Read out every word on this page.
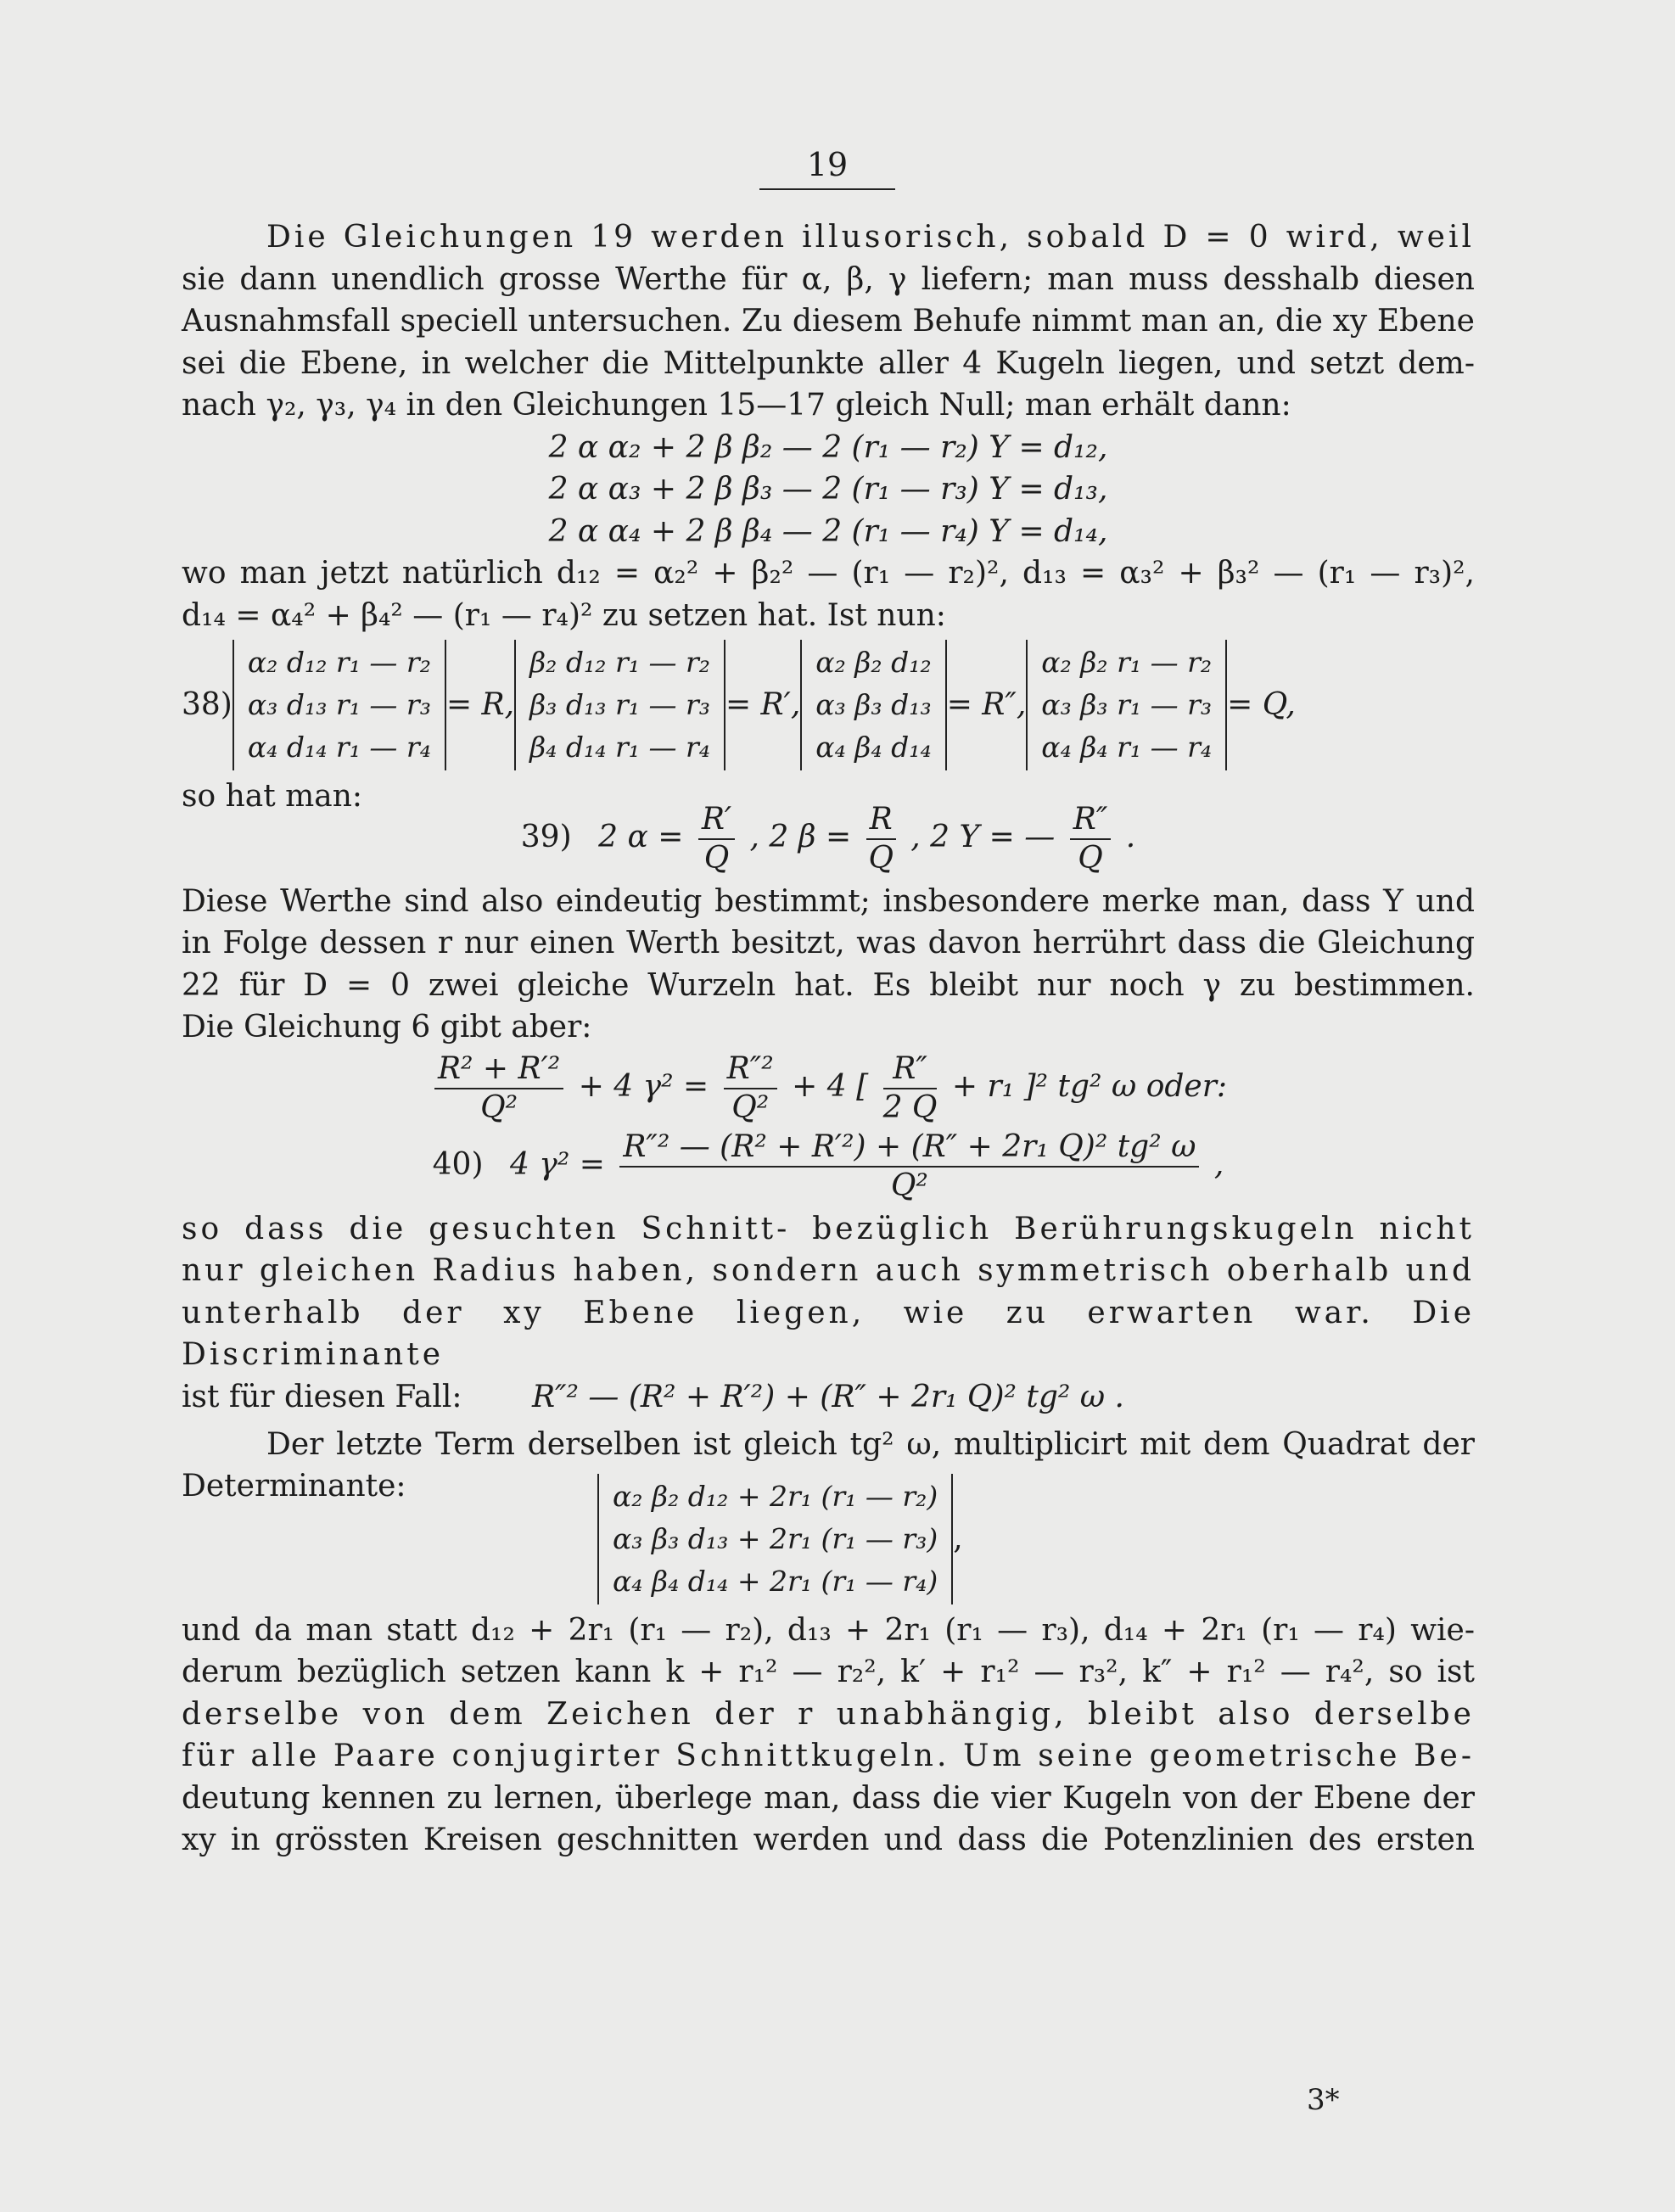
19

Die Gleichungen 19 werden illusorisch, sobald D = 0 wird, weil

sie dann unendlich grosse Werthe für α, β, γ liefern; man muss desshalb diesen

Ausnahmsfall speciell untersuchen. Zu diesem Behufe nimmt man an, die xy Ebene

sei die Ebene, in welcher die Mittelpunkte aller 4 Kugeln liegen, und setzt dem-

nach γ₂, γ₃, γ₄ in den Gleichungen 15—17 gleich Null; man erhält dann:

2 α α₂ + 2 β β₂ — 2 (r₁ — r₂) Y = d₁₂,

2 α α₃ + 2 β β₃ — 2 (r₁ — r₃) Y = d₁₃,

2 α α₄ + 2 β β₄ — 2 (r₁ — r₄) Y = d₁₄,

wo man jetzt natürlich d₁₂ = α₂² + β₂² — (r₁ — r₂)², d₁₃ = α₃² + β₃² — (r₁ — r₃)²,

d₁₄ = α₄² + β₄² — (r₁ — r₄)² zu setzen hat. Ist nun:

38)	
α₂ d₁₂ r₁ — r₂
α₃ d₁₃ r₁ — r₃
α₄ d₁₄ r₁ — r₄
	= R,	
β₂ d₁₂ r₁ — r₂
β₃ d₁₃ r₁ — r₃
β₄ d₁₄ r₁ — r₄
	= R′,	
α₂ β₂ d₁₂
α₃ β₃ d₁₃
α₄ β₄ d₁₄
	= R″,	
α₂ β₂ r₁ — r₂
α₃ β₃ r₁ — r₃
α₄ β₄ r₁ — r₄
	= Q,

so hat man:

39) 2 $\alpha = \frac{R'}{Q}$ , 2 $\beta = \frac{R}{Q}$ , 2 Y = — $\frac{R''}{Q}$ .

Diese Werthe sind also eindeutig bestimmt; insbesondere merke man, dass Y und

in Folge dessen r nur einen Werth besitzt, was davon herrührt dass die Gleichung

22 für D = 0 zwei gleiche Wurzeln hat. Es bleibt nur noch γ zu bestimmen.

Die Gleichung 6 gibt aber:

$\frac{\text{R² + R′²}}{\text{Q²}} + 4$ $\gamma^2 = \frac{\text{R″²}}{\text{Q²}} + 4$ [ $\frac{R''}{2 Q} + r_1$ ]² tg² ω oder:
40) 4 $\gamma^2 = \frac{\text{R″² — (R² + R′²) + (R″ + 2r₁ Q)² tg² ω}}{\text{Q²}}$ ,

so dass die gesuchten Schnitt- bezüglich Berührungskugeln nicht

nur gleichen Radius haben, sondern auch symmetrisch oberhalb und

unterhalb der xy Ebene liegen, wie zu erwarten war. Die Discriminante

ist für diesen Fall:	R″² — (R² + R′²) + (R″ + 2r₁ Q)² tg² ω .

Der letzte Term derselben ist gleich tg² ω, multiplicirt mit dem Quadrat der

Determinante:	α₂ β₂ d₁₂ + 2r₁ (r₁ — r₂)
α₃ β₃ d₁₃ + 2r₁ (r₁ — r₃)
α₄ β₄ d₁₄ + 2r₁ (r₁ — r₄)
	,

und da man statt d₁₂ + 2r₁ (r₁ — r₂), d₁₃ + 2r₁ (r₁ — r₃), d₁₄ + 2r₁ (r₁ — r₄) wie-

derum bezüglich setzen kann k + r₁² — r₂², k′ + r₁² — r₃², k″ + r₁² — r₄², so ist

derselbe von dem Zeichen der r unabhängig, bleibt also derselbe

für alle Paare conjugirter Schnittkugeln. Um seine geometrische Be-

deutung kennen zu lernen, überlege man, dass die vier Kugeln von der Ebene der

xy in grössten Kreisen geschnitten werden und dass die Potenzlinien des ersten

3*
